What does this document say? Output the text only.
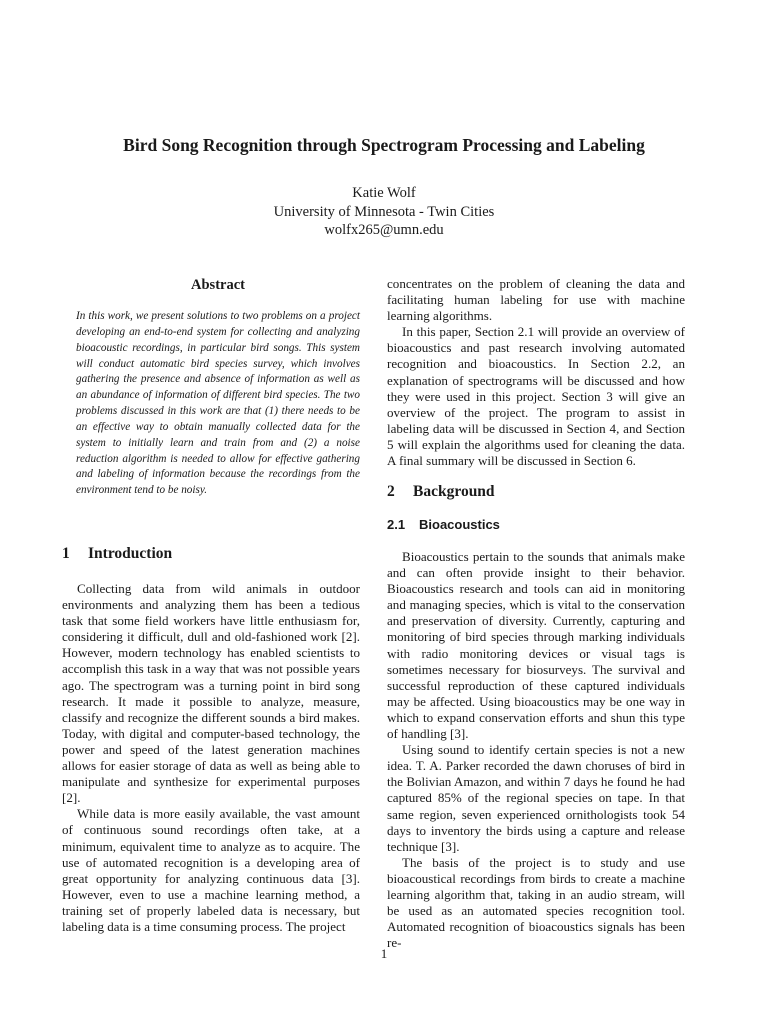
Bird Song Recognition through Spectrogram Processing and Labeling
Katie Wolf
University of Minnesota - Twin Cities
wolfx265@umn.edu
Abstract

In this work, we present solutions to two problems on a project developing an end-to-end system for collecting and analyzing bioacoustic recordings, in particular bird songs. This system will conduct automatic bird species survey, which involves gathering the presence and absence of information as well as an abundance of information of different bird species. The two problems discussed in this work are that (1) there needs to be an effective way to obtain manually collected data for the system to initially learn and train from and (2) a noise reduction algorithm is needed to allow for effective gathering and labeling of information because the recordings from the environment tend to be noisy.

1 Introduction

Collecting data from wild animals in outdoor environments and analyzing them has been a tedious task that some field workers have little enthusiasm for, considering it difficult, dull and old-fashioned work [2]. However, modern technology has enabled scientists to accomplish this task in a way that was not possible years ago. The spectrogram was a turning point in bird song research. It made it possible to analyze, measure, classify and recognize the different sounds a bird makes. Today, with digital and computer-based technology, the power and speed of the latest generation machines allows for easier storage of data as well as being able to manipulate and synthesize for experimental purposes [2].

While data is more easily available, the vast amount of continuous sound recordings often take, at a minimum, equivalent time to analyze as to acquire. The use of automated recognition is a developing area of great opportunity for analyzing continuous data [3]. However, even to use a machine learning method, a training set of properly labeled data is necessary, but labeling data is a time consuming process. The project

concentrates on the problem of cleaning the data and facilitating human labeling for use with machine learning algorithms.

In this paper, Section 2.1 will provide an overview of bioacoustics and past research involving automated recognition and bioacoustics. In Section 2.2, an explanation of spectrograms will be discussed and how they were used in this project. Section 3 will give an overview of the project. The program to assist in labeling data will be discussed in Section 4, and Section 5 will explain the algorithms used for cleaning the data. A final summary will be discussed in Section 6.

2 Background
2.1 Bioacoustics

Bioacoustics pertain to the sounds that animals make and can often provide insight to their behavior. Bioacoustics research and tools can aid in monitoring and managing species, which is vital to the conservation and preservation of diversity. Currently, capturing and monitoring of bird species through marking individuals with radio monitoring devices or visual tags is sometimes necessary for biosurveys. The survival and successful reproduction of these captured individuals may be affected. Using bioacoustics may be one way in which to expand conservation efforts and shun this type of handling [3].

Using sound to identify certain species is not a new idea. T. A. Parker recorded the dawn choruses of bird in the Bolivian Amazon, and within 7 days he found he had captured 85% of the regional species on tape. In that same region, seven experienced ornithologists took 54 days to inventory the birds using a capture and release technique [3].

The basis of the project is to study and use bioacoustical recordings from birds to create a machine learning algorithm that, taking in an audio stream, will be used as an automated species recognition tool. Automated recognition of bioacoustics signals has been re-

1
